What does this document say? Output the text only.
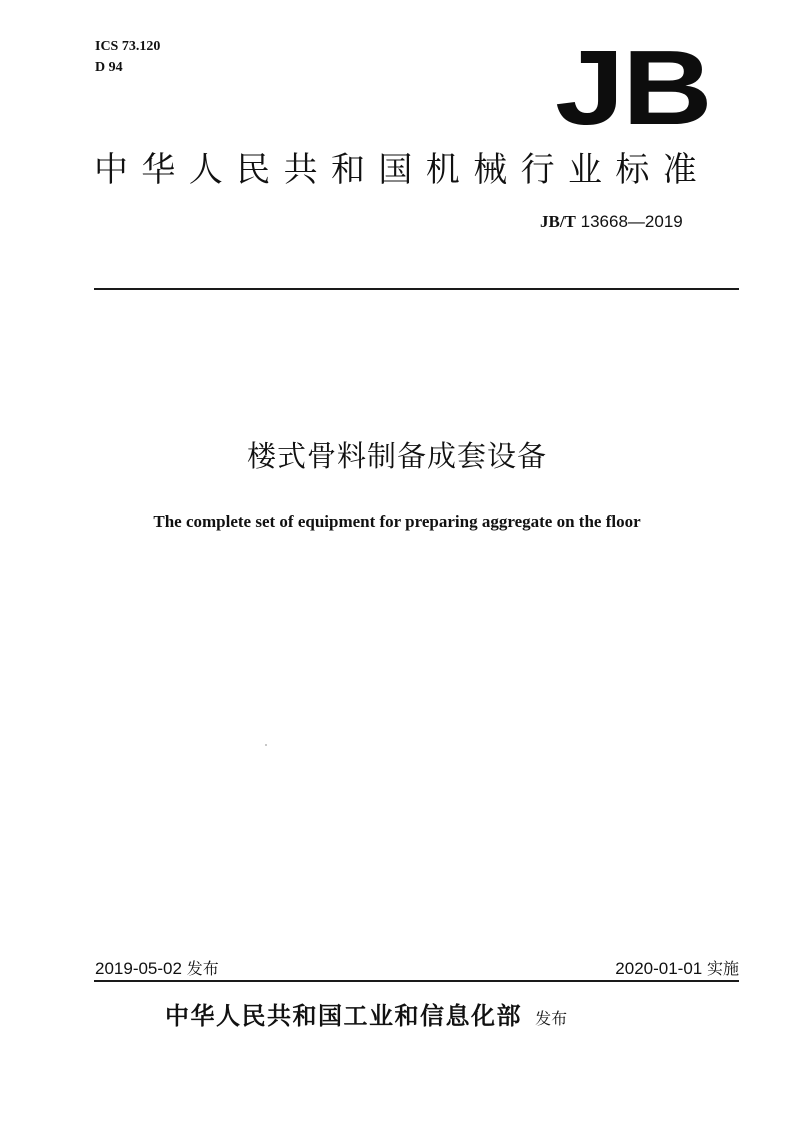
ICS 73.120
D 94	JB
中华人民共和国机械行业标准
JB/T 13668—2019
楼式骨料制备成套设备
The complete set of equipment for preparing aggregate on the floor
2019-05-02 发布	2020-01-01 实施
中华人民共和国工业和信息化部 发布
